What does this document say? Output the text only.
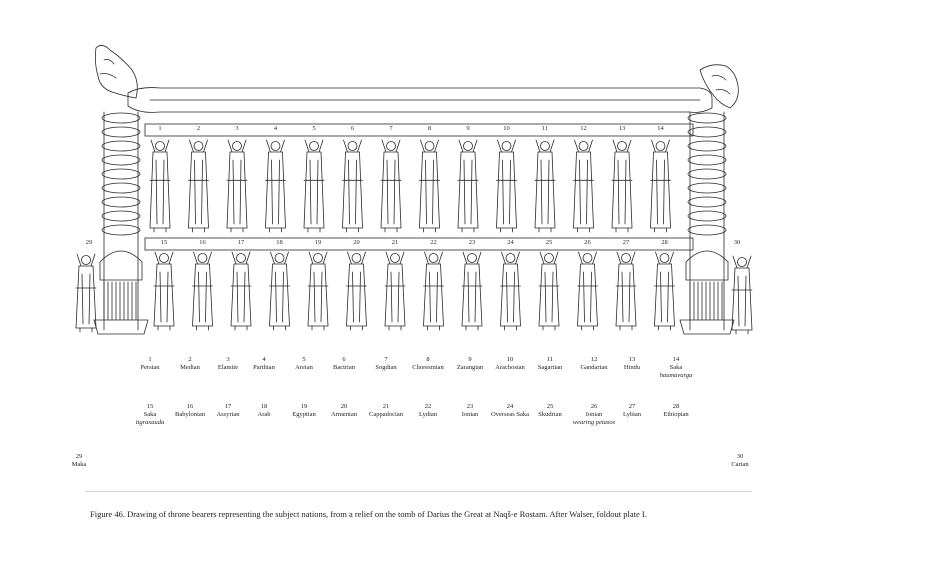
1	2	3	4	5	6	7	8	9	10	11	12	13	14
15	16	17	18	19	20	21	22	23	24	25	26	27	28
29	30
1
Persian
2
Median
3
Elamite
4
Parthian
5
Areian
6
Bactrian
7
Sogdian
8
Choresmian
9
Zarangian
10
Arachosian
11
Sagartian
12
Gandarian
13
Hindu
14
Saka
haumavarga
15
Saka
tigraxauda
16
Babylonian
17
Assyrian
18
Arab
19
Egyptian
20
Armenian
21
Cappadocian
22
Lydian
23
Ionian
24
Overseas Saka
25
Skudrian
26
Ionian
wearing petasos
27
Lybian
28
Ethiopian
29
Maka
30
Carian
Figure 46. Drawing of throne bearers representing the subject nations, from a relief on the tomb of Darius the Great at Naqš-e Rostam. After Walser, foldout plate I.
